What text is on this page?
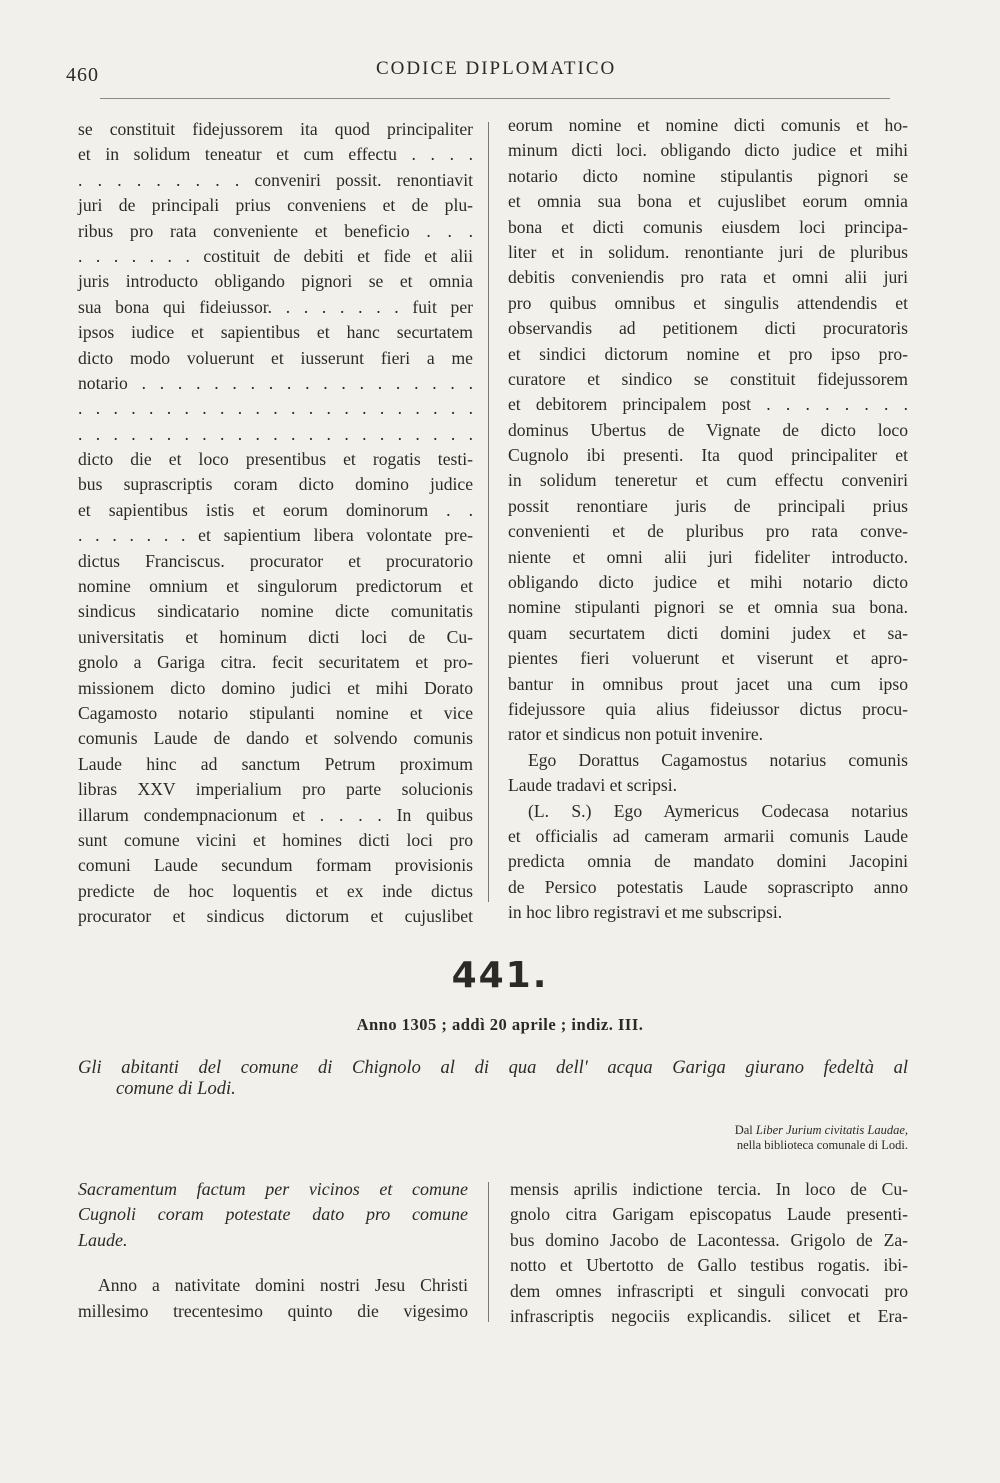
460	CODICE DIPLOMATICO
se constituit fidejussorem ita quod principaliter
et in solidum teneatur et cum effectu . . . .
. . . . . . . . . conveniri possit. renontiavit
juri de principali prius conveniens et de plu-
ribus pro rata conveniente et beneficio . . .
. . . . . . . costituit de debiti et fide et alii
juris introducto obligando pignori se et omnia
sua bona qui fideiussor. . . . . . . . fuit per
ipsos iudice et sapientibus et hanc securtatem
dicto modo voluerunt et iusserunt fieri a me
notario . . . . . . . . . . . . . . . . . . .
. . . . . . . . . . . . . . . . . . . . . . .
. . . . . . . . . . . . . . . . . . . . . . .
dicto die et loco presentibus et rogatis testi-
bus suprascriptis coram dicto domino judice
et sapientibus istis et eorum dominorum . .
. . . . . . . et sapientium libera volontate pre-
dictus Franciscus. procurator et procuratorio
nomine omnium et singulorum predictorum et
sindicus sindicatario nomine dicte comunitatis
universitatis et hominum dicti loci de Cu-
gnolo a Gariga citra. fecit securitatem et pro-
missionem dicto domino judici et mihi Dorato
Cagamosto notario stipulanti nomine et vice
comunis Laude de dando et solvendo comunis
Laude hinc ad sanctum Petrum proximum
libras XXV imperialium pro parte solucionis
illarum condempnacionum et . . . . In quibus
sunt comune vicini et homines dicti loci pro
comuni Laude secundum formam provisionis
predicte de hoc loquentis et ex inde dictus
procurator et sindicus dictorum et cujuslibet
eorum nomine et nomine dicti comunis et ho-
minum dicti loci. obligando dicto judice et mihi
notario dicto nomine stipulantis pignori se
et omnia sua bona et cujuslibet eorum omnia
bona et dicti comunis eiusdem loci principa-
liter et in solidum. renontiante juri de pluribus
debitis conveniendis pro rata et omni alii juri
pro quibus omnibus et singulis attendendis et
observandis ad petitionem dicti procuratoris
et sindici dictorum nomine et pro ipso pro-
curatore et sindico se constituit fidejussorem
et debitorem principalem post . . . . . . . .
dominus Ubertus de Vignate de dicto loco
Cugnolo ibi presenti. Ita quod principaliter et
in solidum teneretur et cum effectu conveniri
possit renontiare juris de principali prius
convenienti et de pluribus pro rata conve-
niente et omni alii juri fideliter introducto.
obligando dicto judice et mihi notario dicto
nomine stipulanti pignori se et omnia sua bona.
quam securtatem dicti domini judex et sa-
pientes fieri voluerunt et viserunt et apro-
bantur in omnibus prout jacet una cum ipso
fidejussore quia alius fideiussor dictus procu-
rator et sindicus non potuit invenire.
Ego Dorattus Cagamostus notarius comunis
Laude tradavi et scripsi.
(L. S.) Ego Aymericus Codecasa notarius
et officialis ad cameram armarii comunis Laude
predicta omnia de mandato domini Jacopini
de Persico potestatis Laude soprascripto anno
in hoc libro registravi et me subscripsi.
441.
Anno 1305 ; addì 20 aprile ; indiz. III.
Gli abitanti del comune di Chignolo al di qua dell' acqua Gariga giurano fedeltà al
comune di Lodi.
Dal Liber Jurium civitatis Laudae,
nella biblioteca comunale di Lodi.
Sacramentum factum per vicinos et comune
Cugnoli coram potestate dato pro comune
Laude.
Anno a nativitate domini nostri Jesu Christi
millesimo trecentesimo quinto die vigesimo
mensis aprilis indictione tercia. In loco de Cu-
gnolo citra Garigam episcopatus Laude presenti-
bus domino Jacobo de Lacontessa. Grigolo de Za-
notto et Ubertotto de Gallo testibus rogatis. ibi-
dem omnes infrascripti et singuli convocati pro
infrascriptis negociis explicandis. silicet et Era-
